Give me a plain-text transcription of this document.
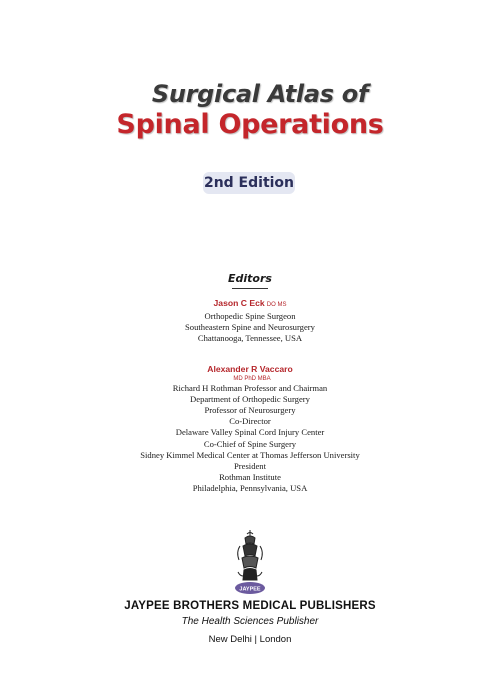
Surgical Atlas of
Spinal Operations
2nd Edition
Editors
Jason C Eck DO MS
Orthopedic Spine Surgeon
Southeastern Spine and Neurosurgery
Chattanooga, Tennessee, USA
Alexander R Vaccaro
MD PhD MBA
Richard H Rothman Professor and Chairman
Department of Orthopedic Surgery
Professor of Neurosurgery
Co-Director
Delaware Valley Spinal Cord Injury Center
Co-Chief of Spine Surgery
Sidney Kimmel Medical Center at Thomas Jefferson University
President
Rothman Institute
Philadelphia, Pennsylvania, USA
JAYPEE
JAYPEE BROTHERS MEDICAL PUBLISHERS
The Health Sciences Publisher
New Delhi | London
